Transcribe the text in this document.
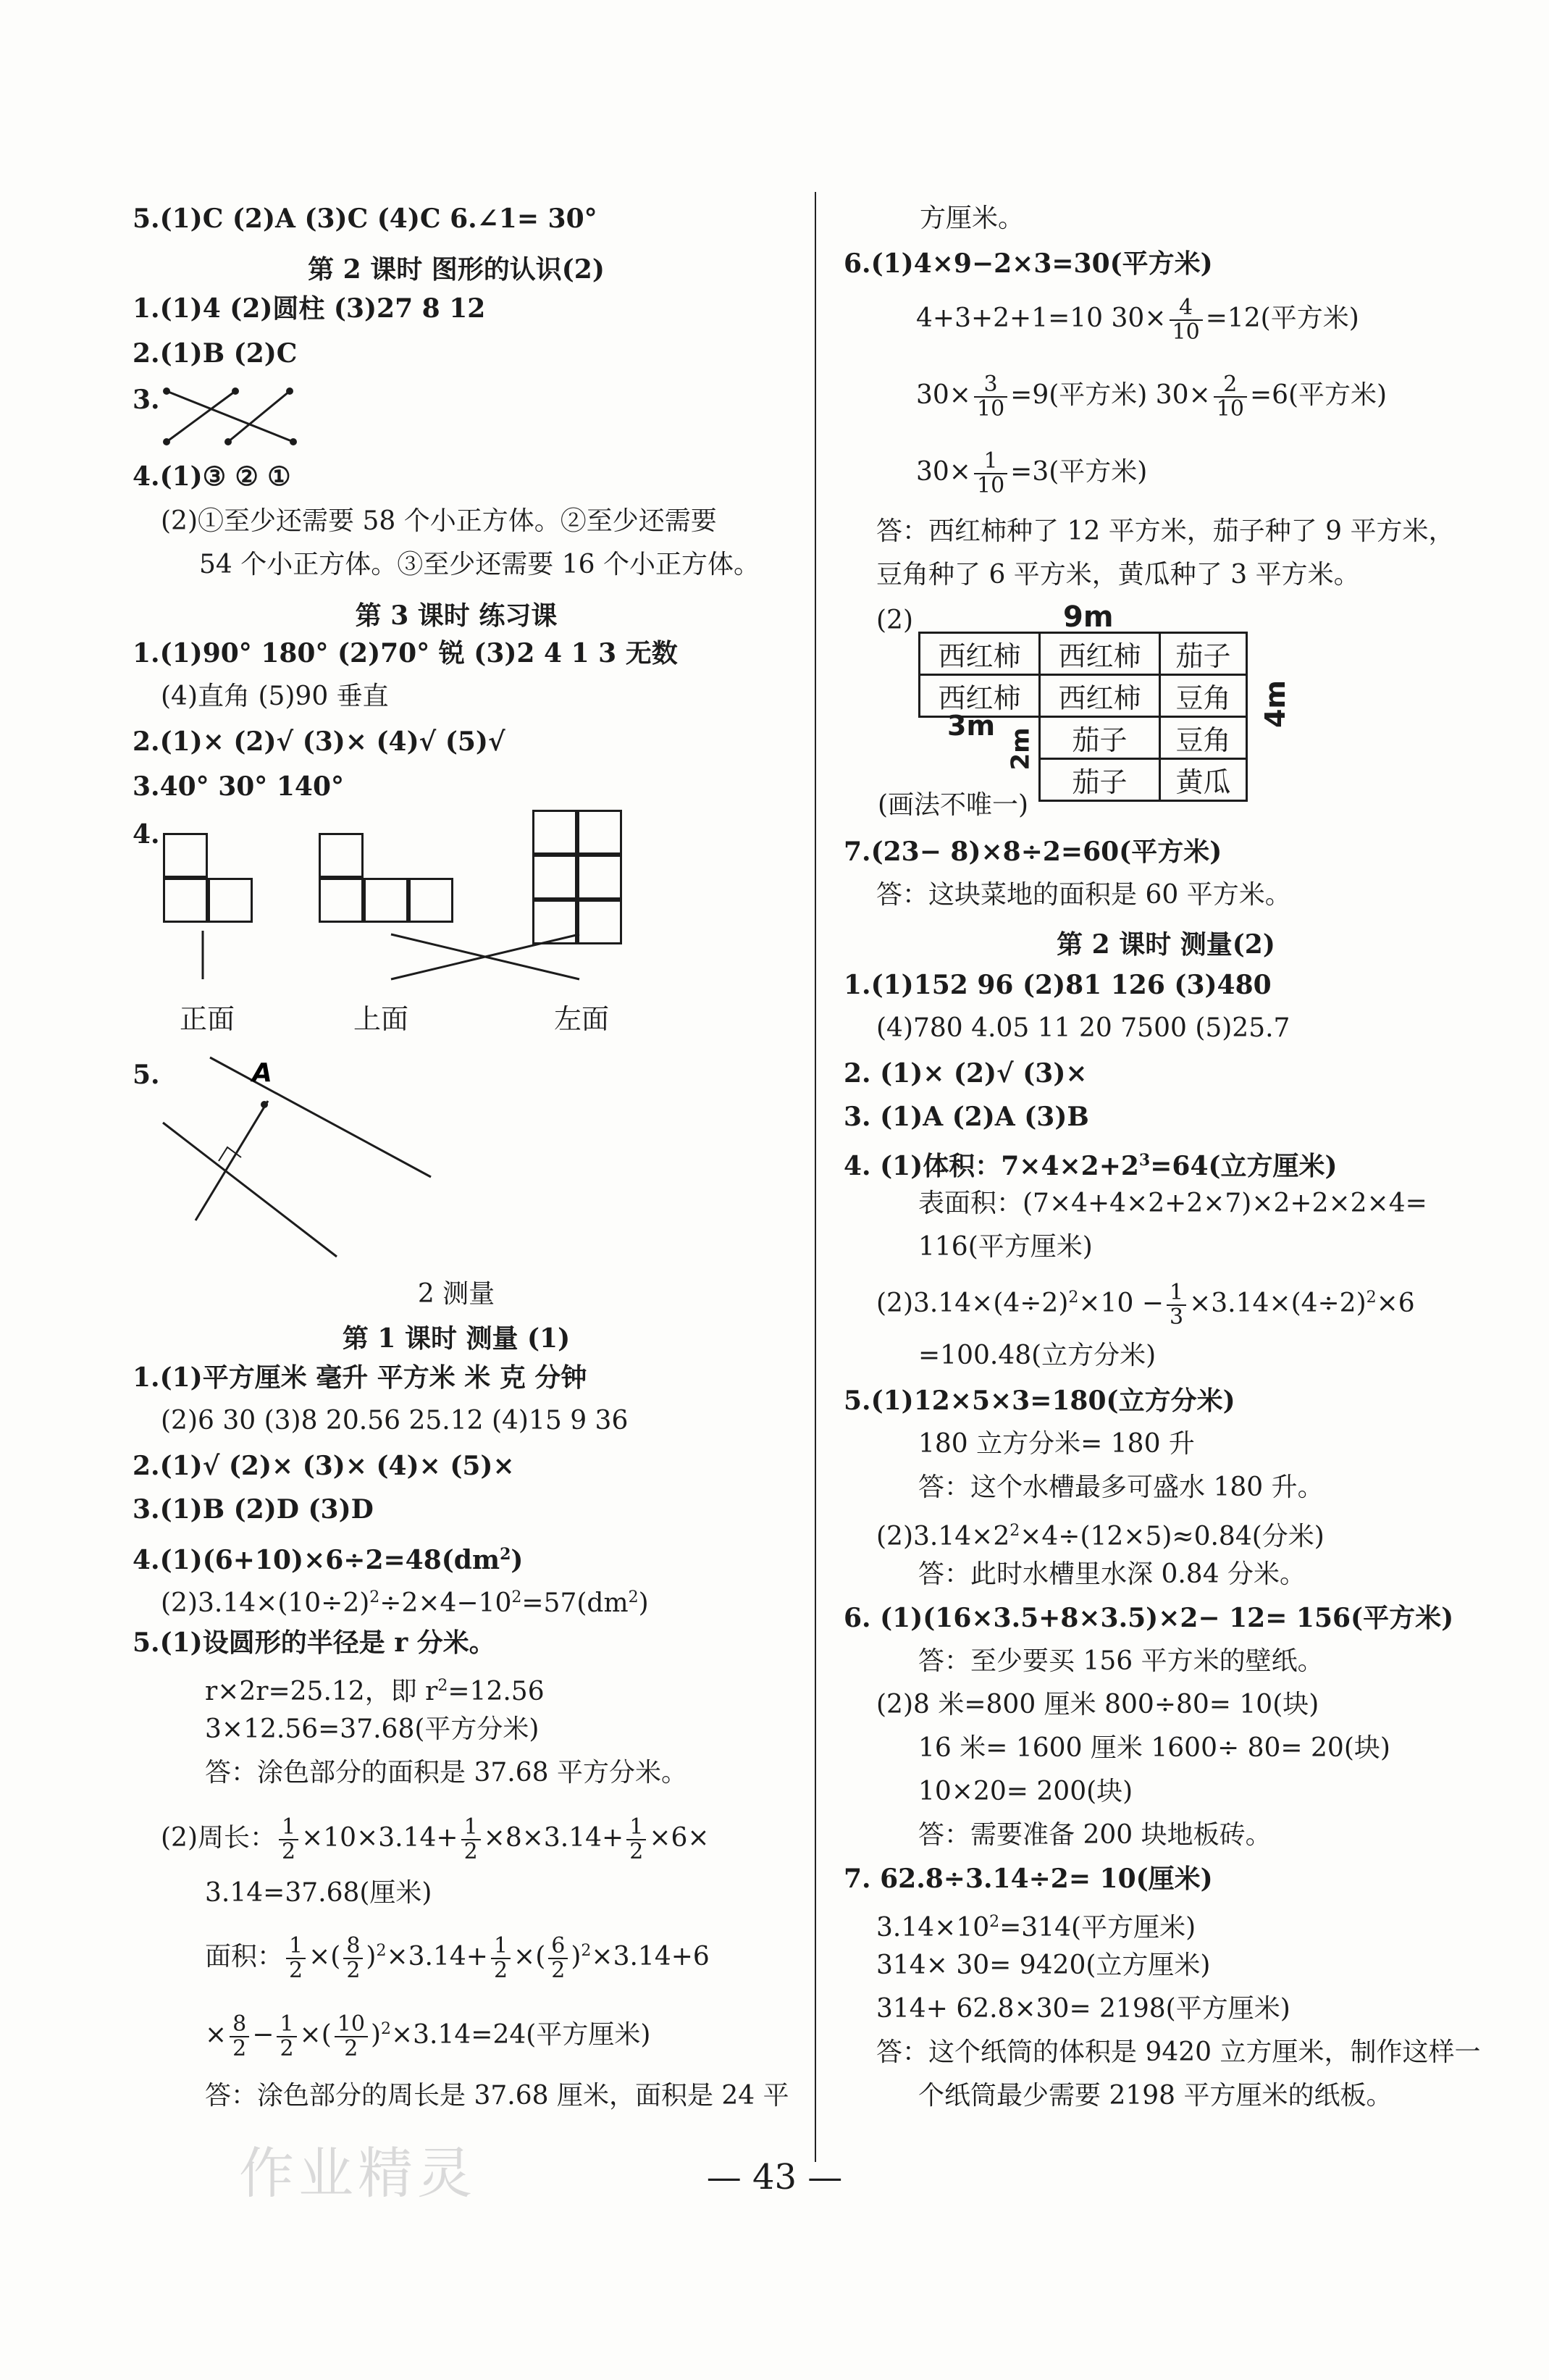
5.(1)C (2)A (3)C (4)C 6.∠1= 30°
第 2 课时 图形的认识(2)
1.(1)4 (2)圆柱 (3)27 8 12
2.(1)B (2)C
3.
4.(1)③ ② ①
(2)①至少还需要 58 个小正方体。②至少还需要
54 个小正方体。③至少还需要 16 个小正方体。
第 3 课时 练习课
1.(1)90° 180° (2)70° 锐 (3)2 4 1 3 无数
(4)直角 (5)90 垂直
2.(1)× (2)√ (3)× (4)√ (5)√
3.40° 30° 140°
4.
正面	上面	左面
5.	A
2 测量
第 1 课时 测量 (1)
1.(1)平方厘米 毫升 平方米 米 克 分钟
(2)6 30 (3)8 20.56 25.12 (4)15 9 36
2.(1)√ (2)× (3)× (4)× (5)×
3.(1)B (2)D (3)D
$4.(1)(6+10)\times 6\div 2=48(dm^2)$
$(2)3.14\times(10\div 2)^2\div 2\times 4-10^2=57(dm^2)$
5.(1)设圆形的半径是 r 分米。
r×2r=25.12，即 $r^2=12.56$
3×12.56=37.68(平方分米)
答：涂色部分的面积是 37.68 平方分米。
(2)周长： $\frac{1}{2} \times 10\times 3.14+ \frac{1}{2} \times 8\times 3.14+ \frac{1}{2} \times 6\times$
3.14=37.68(厘米)
面积： $\frac{1}{2}$ ×( $\frac{8}{2} )^2\times 3.14+ \frac{1}{2}$ ×( $\frac{6}{2} )^2\times 3.14+6$
× $\frac{8}{2} - \frac{1}{2}$ ×( $\frac{10}{2} )^2\times 3.14=24$(平方厘米)
答：涂色部分的周长是 37.68 厘米，面积是 24 平
方厘米。
6.(1)4×9−2×3=30(平方米)
4+3+2+1=10 $30\times \frac{4}{10} =12$(平方米)
$30\times \frac{3}{10} =9$(平方米) $30\times \frac{2}{10} =6$(平方米)
$30\times \frac{1}{10} =3$(平方米)
答：西红柿种了 12 平方米，茄子种了 9 平方米，
豆角种了 6 平方米，黄瓜种了 3 平方米。
(2)	9m
西红柿	西红柿	茄子
西红柿	西红柿	豆角
	茄子	豆角
	茄子	黄瓜
3m
2m
4m
(画法不唯一)
7.(23− 8)×8÷2=60(平方米)
答：这块菜地的面积是 60 平方米。
第 2 课时 测量(2)
1.(1)152 96 (2)81 126 (3)480
(4)780 4.05 11 20 7500 (5)25.7
2. (1)× (2)√ (3)×
3. (1)A (2)A (3)B
4. (1)体积：$7\times 4\times 2+2^3=64$(立方厘米)
表面积：(7×4+4×2+2×7)×2+2×2×4=
116(平方厘米)
$(2)3.14\times(4\div 2)^2\times 10 - \frac{1}{3} \times 3.14\times(4\div 2)^2\times 6$
=100.48(立方分米)
5.(1)12×5×3=180(立方分米)
180 立方分米= 180 升
答：这个水槽最多可盛水 180 升。
$(2)3.14\times 2^2\times 4\div(12\times 5)\approx 0.84$(分米)
答：此时水槽里水深 0.84 分米。
6. (1)(16×3.5+8×3.5)×2− 12= 156(平方米)
答：至少要买 156 平方米的壁纸。
(2)8 米=800 厘米 800÷80= 10(块)
16 米= 1600 厘米 1600÷ 80= 20(块)
10×20= 200(块)
答：需要准备 200 块地板砖。
7. 62.8÷3.14÷2= 10(厘米)
$3.14\times 10^2=314$(平方厘米)
314× 30= 9420(立方厘米)
314+ 62.8×30= 2198(平方厘米)
答：这个纸筒的体积是 9420 立方厘米，制作这样一
个纸筒最少需要 2198 平方厘米的纸板。
作业精灵	— 43 —
